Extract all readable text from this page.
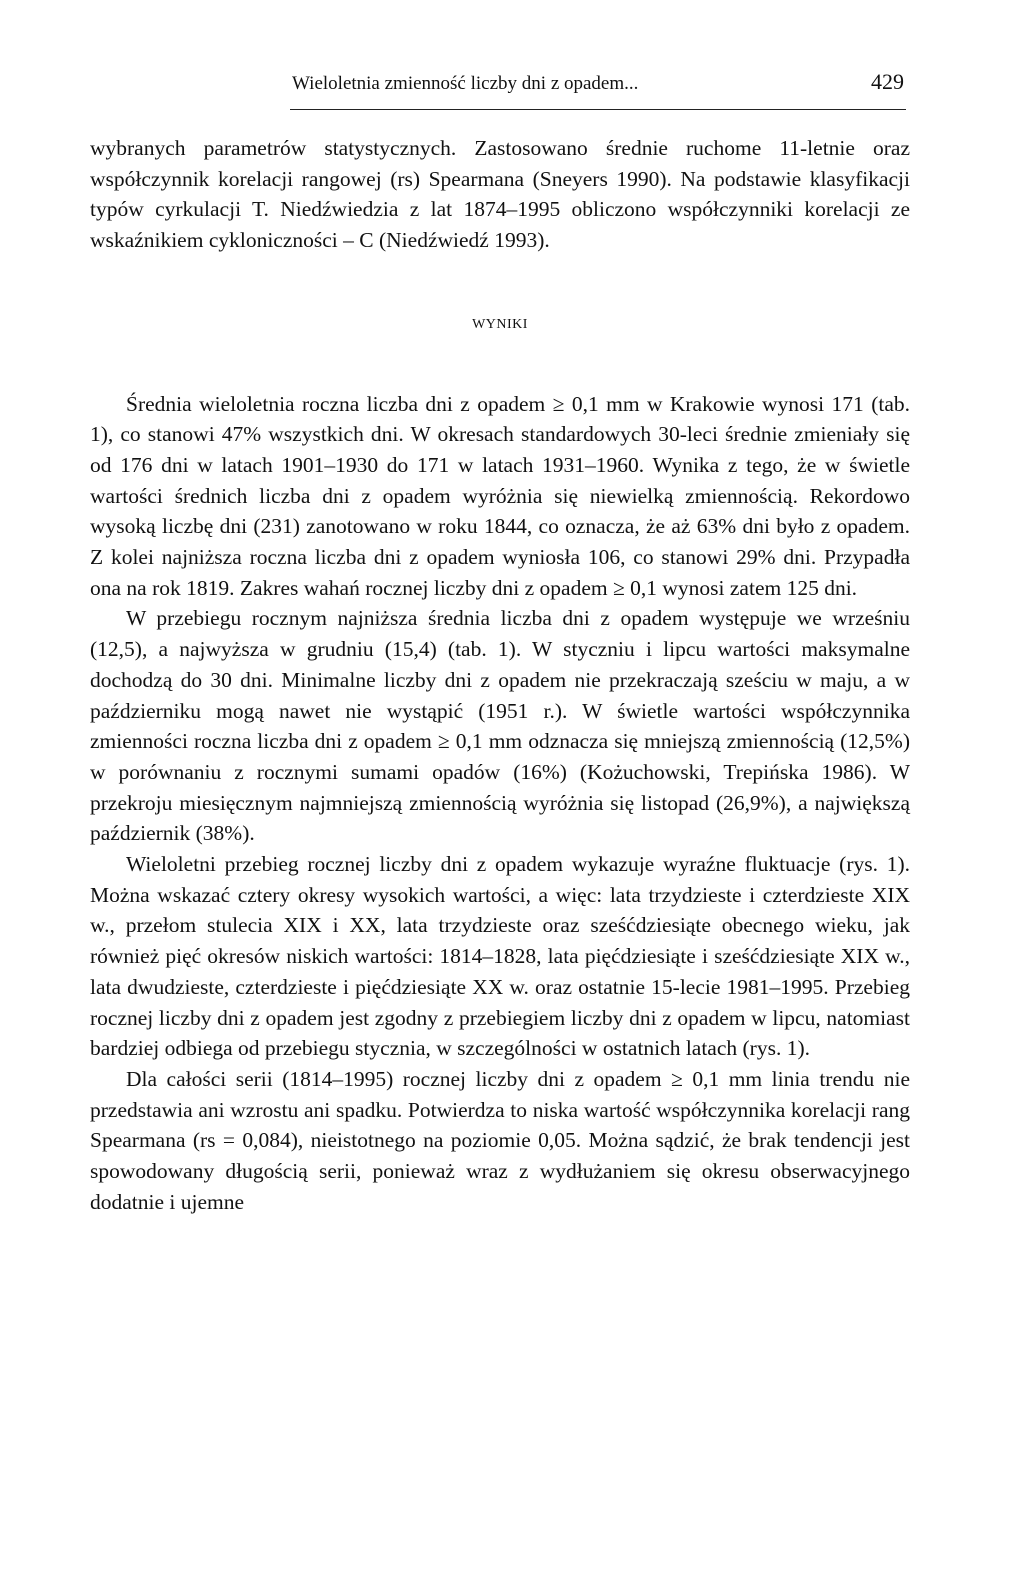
Wieloletnia zmienność liczby dni z opadem...	429

wybranych parametrów statystycznych. Zastosowano średnie ruchome 11-letnie oraz współczynnik korelacji rangowej (rs) Spearmana (Sneyers 1990). Na podstawie klasyfikacji typów cyrkulacji T. Niedźwiedzia z lat 1874–1995 obliczono współczynniki korelacji ze wskaźnikiem cykloniczności – C (Niedźwiedź 1993).

WYNIKI

Średnia wieloletnia roczna liczba dni z opadem ≥ 0,1 mm w Krakowie wynosi 171 (tab. 1), co stanowi 47% wszystkich dni. W okresach standardowych 30-leci średnie zmieniały się od 176 dni w latach 1901–1930 do 171 w latach 1931–1960. Wynika z tego, że w świetle wartości średnich liczba dni z opadem wyróżnia się niewielką zmiennością. Rekordowo wysoką liczbę dni (231) zanotowano w roku 1844, co oznacza, że aż 63% dni było z opadem. Z kolei najniższa roczna liczba dni z opadem wyniosła 106, co stanowi 29% dni. Przypadła ona na rok 1819. Zakres wahań rocznej liczby dni z opadem ≥ 0,1 wynosi zatem 125 dni.

W przebiegu rocznym najniższa średnia liczba dni z opadem występuje we wrześniu (12,5), a najwyższa w grudniu (15,4) (tab. 1). W styczniu i lipcu wartości maksymalne dochodzą do 30 dni. Minimalne liczby dni z opadem nie przekraczają sześciu w maju, a w październiku mogą nawet nie wystąpić (1951 r.). W świetle wartości współczynnika zmienności roczna liczba dni z opadem ≥ 0,1 mm odznacza się mniejszą zmiennością (12,5%) w porównaniu z rocznymi sumami opadów (16%) (Kożuchowski, Trepińska 1986). W przekroju miesięcznym najmniejszą zmiennością wyróżnia się listopad (26,9%), a największą październik (38%).

Wieloletni przebieg rocznej liczby dni z opadem wykazuje wyraźne fluktuacje (rys. 1). Można wskazać cztery okresy wysokich wartości, a więc: lata trzydzieste i czterdzieste XIX w., przełom stulecia XIX i XX, lata trzydzieste oraz sześćdziesiąte obecnego wieku, jak również pięć okresów niskich wartości: 1814–1828, lata pięćdziesiąte i sześćdziesiąte XIX w., lata dwudzieste, czterdzieste i pięćdziesiąte XX w. oraz ostatnie 15-lecie 1981–1995. Przebieg rocznej liczby dni z opadem jest zgodny z przebiegiem liczby dni z opadem w lipcu, natomiast bardziej odbiega od przebiegu stycznia, w szczególności w ostatnich latach (rys. 1).

Dla całości serii (1814–1995) rocznej liczby dni z opadem ≥ 0,1 mm linia trendu nie przedstawia ani wzrostu ani spadku. Potwierdza to niska wartość współczynnika korelacji rang Spearmana (rs = 0,084), nieistotnego na poziomie 0,05. Można sądzić, że brak tendencji jest spowodowany długością serii, ponieważ wraz z wydłużaniem się okresu obserwacyjnego dodatnie i ujemne
